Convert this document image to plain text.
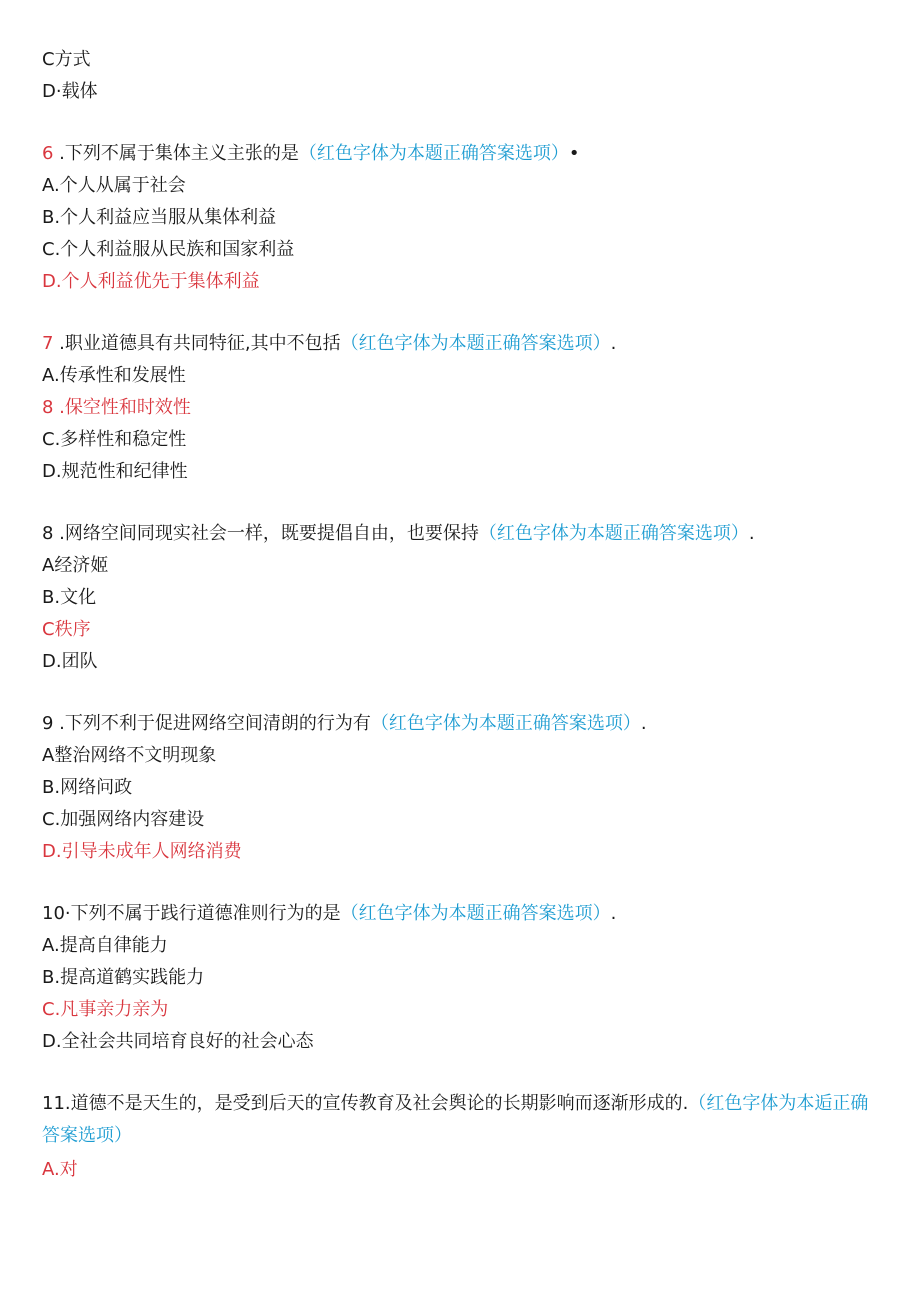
C方式
D·载体
6 .下列不属于集体主义主张的是（红色字体为本题正确答案选项）•
A.个人从属于社会
B.个人利益应当服从集体利益
C.个人利益服从民族和国家利益
D.个人利益优先于集体利益
7 .职业道德具有共同特征,其中不包括（红色字体为本题正确答案选项）.
A.传承性和发展性
8 .保空性和时效性
C.多样性和稳定性
D.规范性和纪律性
8 .网络空间同现实社会一样，既要提倡自由，也要保持（红色字体为本题正确答案选项）.
A经济姬
B.文化
C秩序
D.团队
9 .下列不利于促进网络空间清朗的行为有（红色字体为本题正确答案选项）.
A整治网络不文明现象
B.网络问政
C.加强网络内容建设
D.引导未成年人网络消费
10·下列不属于践行道德准则行为的是（红色字体为本题正确答案选项）.
A.提高自律能力
B.提高道鹤实践能力
C.凡事亲力亲为
D.全社会共同培育良好的社会心态
11.道德不是天生的，是受到后天的宣传教育及社会舆论的长期影响而逐渐形成的.（红色字体为本逅正确答案选项）
A.对
